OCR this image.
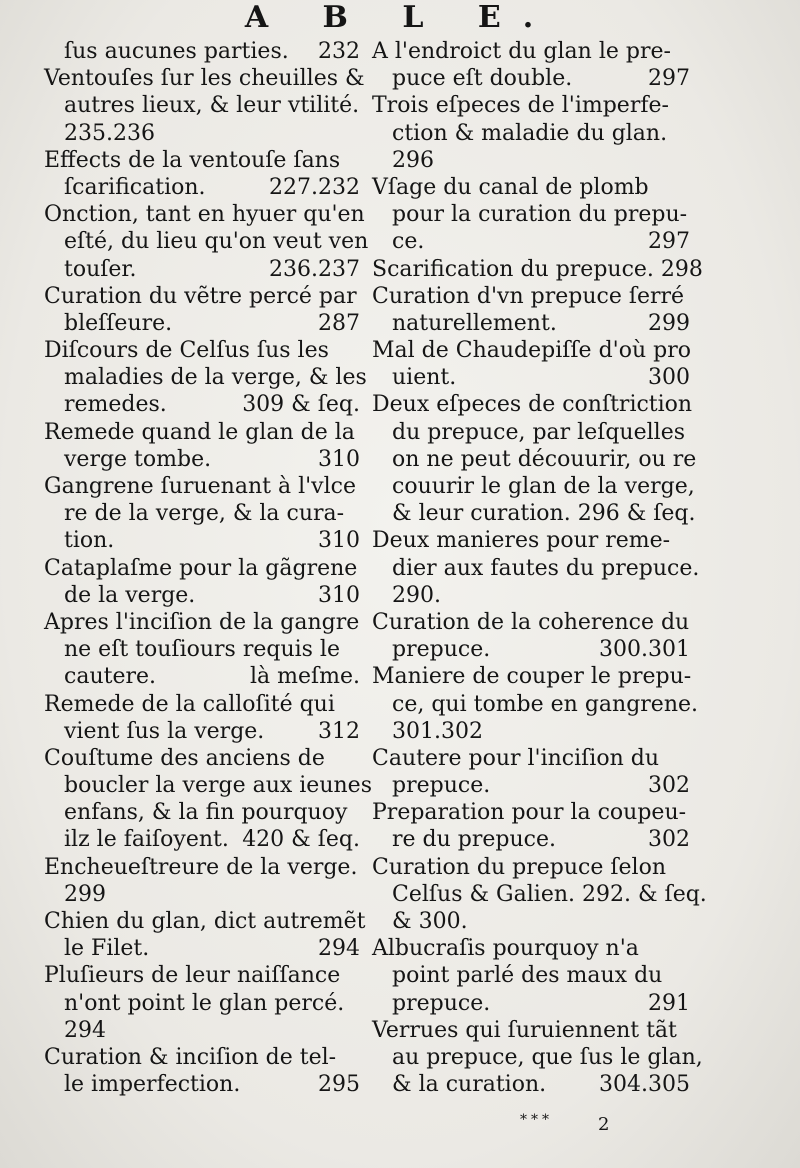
A B L E.
ſus aucunes parties. 232
Ventouſes ſur les cheuilles &
autres lieux, & leur vtilité.
235.236
Effects de la ventouſe ſans
ſcarification.	227.232
Onction, tant en hyuer qu'en
eſté, du lieu qu'on veut ven
touſer.	236.237
Curation du vẽtre percé par
bleſſeure.	287
Diſcours de Celſus ſus les
maladies de la verge, & les
remedes.	309 & ſeq.
Remede quand le glan de la
verge tombe.	310
Gangrene ſuruenant à l'vlce
re de la verge, & la cura-
tion.	310
Cataplaſme pour la gãgrene
de la verge.	310
Apres l'inciſion de la gangre
ne eſt touſiours requis le
cautere.	là meſme.
Remede de la calloſité qui
vient ſus la verge. 312
Couſtume des anciens de
boucler la verge aux ieunes
enfans, & la fin pourquoy
ilz le faiſoyent. 420 & ſeq.
Encheueſtreure de la verge.
299
Chien du glan, dict autremẽt
le Filet.	294
Pluſieurs de leur naiſſance
n'ont point le glan percé.
294
Curation & inciſion de tel-
le imperfection.	295
A l'endroict du glan le pre-
puce eſt double.	297
Trois eſpeces de l'imperfe-
ction & maladie du glan.
296
Vſage du canal de plomb
pour la curation du prepu-
ce.	297
Scarification du prepuce. 298
Curation d'vn prepuce ſerré
naturellement.	299
Mal de Chaudepiſſe d'où pro
uient.	300
Deux eſpeces de conſtriction
du prepuce, par leſquelles
on ne peut découurir, ou re
couurir le glan de la verge,
& leur curation. 296 & ſeq.
Deux manieres pour reme-
dier aux fautes du prepuce.
290.
Curation de la coherence du
prepuce.	300.301
Maniere de couper le prepu-
ce, qui tombe en gangrene.
301.302
Cautere pour l'inciſion du
prepuce.	302
Preparation pour la coupeu-
re du prepuce.	302
Curation du prepuce ſelon
Celſus & Galien. 292. & ſeq.
& 300.
Albucraſis pourquoy n'a
point parlé des maux du
prepuce.	291
Verrues qui ſuruiennent tãt
au prepuce, que ſus le glan,
& la curation. 304.305
***	2
